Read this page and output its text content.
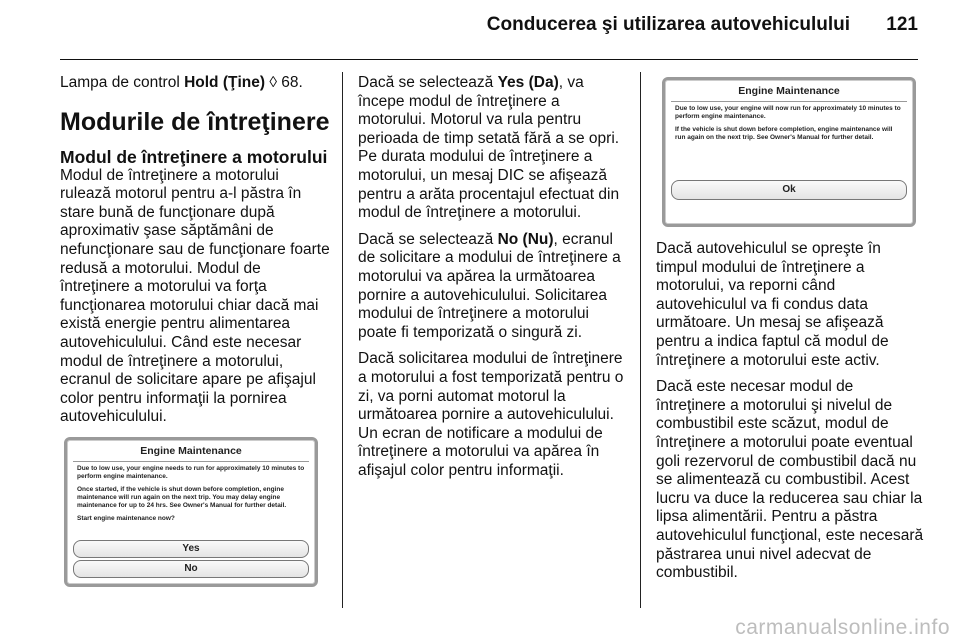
Conducerea şi utilizarea autovehiculului 121

Lampa de control Hold (Ţine) ◊ 68.

Modurile de întreţinere
Modul de întreţinere a motorului

Modul de întreţinere a motorului rulează motorul pentru a-l păstra în stare bună de funcţionare după aproximativ şase săptămâni de nefuncţionare sau de funcţionare foarte redusă a motorului. Modul de întreţinere a motorului va forţa funcţionarea motorului chiar dacă mai există energie pentru alimentarea autovehiculului. Când este necesar modul de întreţinere a motorului, ecranul de solicitare apare pe afişajul color pentru informaţii la pornirea autovehiculului.

Engine Maintenance
Due to low use, your engine needs to run for approximately 10 minutes to perform engine maintenance.
Once started, if the vehicle is shut down before completion, engine maintenance will run again on the next trip. You may delay engine maintenance for up to 24 hrs. See Owner's Manual for further detail.
Start engine maintenance now?
Yes
No

Dacă se selectează Yes (Da), va începe modul de întreţinere a motorului. Motorul va rula pentru perioada de timp setată fără a se opri. Pe durata modului de întreţinere a motorului, un mesaj DIC se afişează pentru a arăta procentajul efectuat din modul de întreţinere a motorului.

Dacă se selectează No (Nu), ecranul de solicitare a modului de întreţinere a motorului va apărea la următoarea pornire a autovehiculului. Solicitarea modului de întreţinere a motorului poate fi temporizată o singură zi.

Dacă solicitarea modului de întreţinere a motorului a fost temporizată pentru o zi, va porni automat motorul la următoarea pornire a autovehiculului. Un ecran de notificare a modului de întreţinere a motorului va apărea în afişajul color pentru informaţii.

Engine Maintenance
Due to low use, your engine will now run for approximately 10 minutes to perform engine maintenance.
If the vehicle is shut down before completion, engine maintenance will run again on the next trip. See Owner's Manual for further detail.
Ok

Dacă autovehiculul se opreşte în timpul modului de întreţinere a motorului, va reporni când autovehiculul va fi condus data următoare. Un mesaj se afişează pentru a indica faptul că modul de întreţinere a motorului este activ.

Dacă este necesar modul de întreţinere a motorului şi nivelul de combustibil este scăzut, modul de întreţinere a motorului poate eventual goli rezervorul de combustibil dacă nu se alimentează cu combustibil. Acest lucru va duce la reducerea sau chiar la lipsa alimentării. Pentru a păstra autovehiculul funcţional, este necesară păstrarea unui nivel adecvat de combustibil.

carmanualsonline.info
